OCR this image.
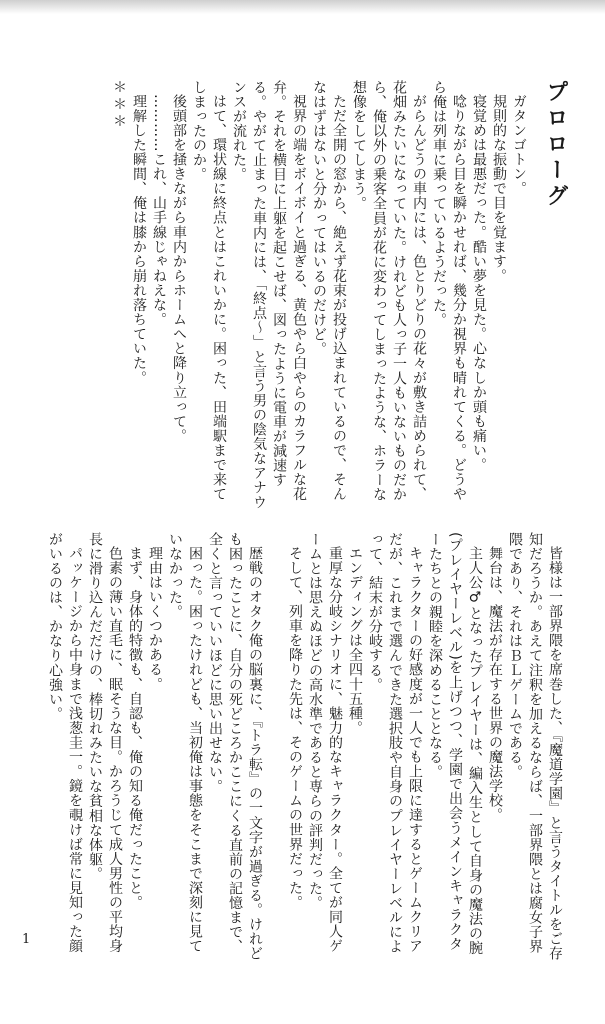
プロローグ

ガタンゴトン。

規則的な振動で目を覚ます。

寝覚めは最悪だった。酷い夢を見た。心なしか頭も痛い。

唸りながら目を瞬かせれば、幾分か視界も晴れてくる。どうやら俺は列車に乗っているようだった。

がらんどうの車内には、色とりどりの花々が敷き詰められて、花畑みたいになっていた。けれども人っ子一人もいないものだから、俺以外の乗客全員が花に変わってしまったような、ホラーな想像をしてしまう。

ただ全開の窓から、絶えず花束が投げ込まれているので、そんなはずはないと分かってはいるのだけど。

視界の端をボイボイと過ぎる、黄色やら白やらのカラフルな花弁。それを横目に上躯を起こせば、図ったように電車が減速する。やがて止まった車内には、「終点～」と言う男の陰気なアナウンスが流れた。

はて、環状線に終点とはこれいかに。困った、田端駅まで来てしまったのか。

後頭部を掻きながら車内からホームへと降り立って。

…………これ、山手線じゃねえな。

理解した瞬間、俺は膝から崩れ落ちていた。

＊＊＊

皆様は一部界隈を席巻した、『魔道学園』と言うタイトルをご存知だろうか。あえて注釈を加えるならば、一部界隈とは腐女子界隈であり、それはＢＬゲームである。

舞台は、魔法が存在する世界の魔法学校。

主人公♂となったプレイヤーは、編入生として自身の魔法の腕(プレイヤーレベル)を上げつつ、学園で出会うメインキャラクターたちとの親睦を深めることとなる。

キャラクターの好感度が一人でも上限に達するとゲームクリアだが、これまで選んできた選択肢や自身のプレイヤーレベルによって、結末が分岐する。

エンディングは全四十五種。

重厚な分岐シナリオに、魅力的なキャラクター。全てが同人ゲームとは思えぬほどの高水準であると専らの評判だった。

そして、列車を降りた先は、そのゲームの世界だった。

歴戦のオタク俺の脳裏に、『トラ転』の一文字が過ぎる。けれども困ったことに、自分の死どころかここにくる直前の記憶まで、全くと言っていいほどに思い出せない。

困った。困ったけれども、当初俺は事態をそこまで深刻に見ていなかった。

理由はいくつかある。

まず、身体的特徴も、自認も、俺の知る俺だったこと。

色素の薄い直毛に、眠そうな目。かろうじて成人男性の平均身長に滑り込んだだけの、棒切れみたいな貧相な体躯。

パッケージから中身まで浅葱圭一。鏡を覗けば常に見知った顔がいるのは、かなり心強い。

1
